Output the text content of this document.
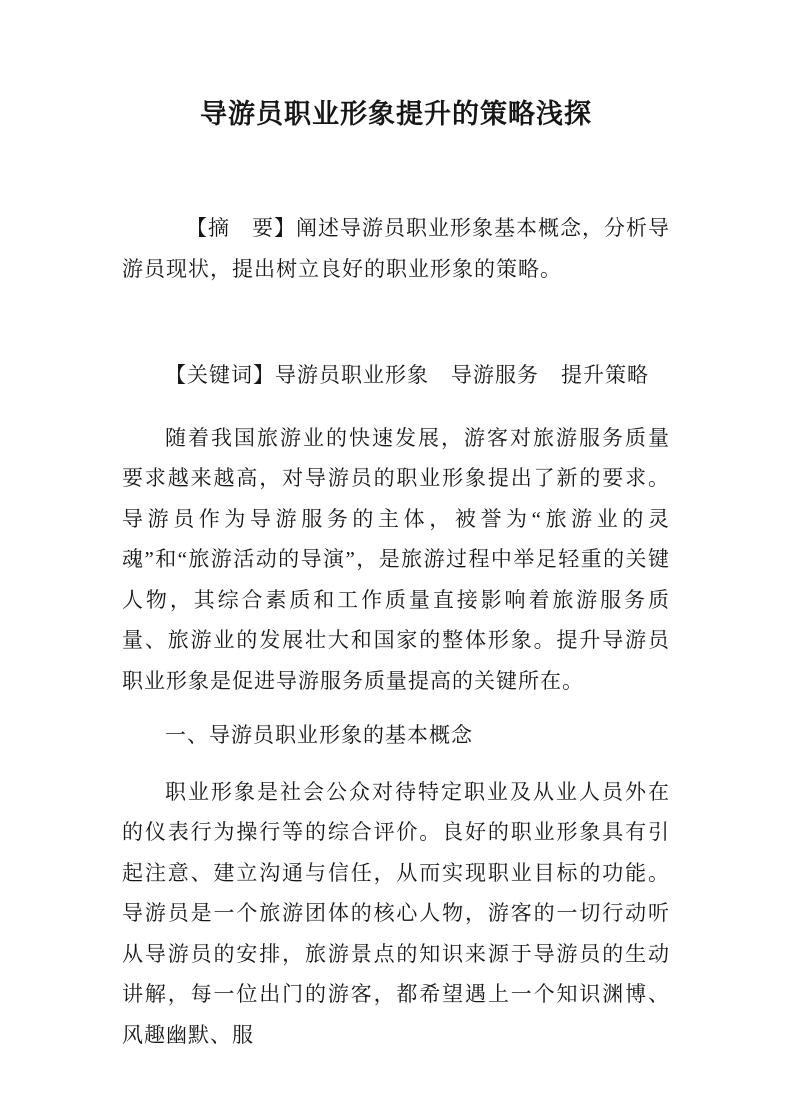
导游员职业形象提升的策略浅探

【摘　要】阐述导游员职业形象基本概念，分析导游员现状，提出树立良好的职业形象的策略。

【关键词】导游员职业形象　导游服务　提升策略

随着我国旅游业的快速发展，游客对旅游服务质量要求越来越高，对导游员的职业形象提出了新的要求。导游员作为导游服务的主体，被誉为“旅游业的灵魂”和“旅游活动的导演”，是旅游过程中举足轻重的关键人物，其综合素质和工作质量直接影响着旅游服务质量、旅游业的发展壮大和国家的整体形象。提升导游员职业形象是促进导游服务质量提高的关键所在。

一、导游员职业形象的基本概念

职业形象是社会公众对待特定职业及从业人员外在的仪表行为操行等的综合评价。良好的职业形象具有引起注意、建立沟通与信任，从而实现职业目标的功能。导游员是一个旅游团体的核心人物，游客的一切行动听从导游员的安排，旅游景点的知识来源于导游员的生动讲解，每一位出门的游客，都希望遇上一个知识渊博、风趣幽默、服
